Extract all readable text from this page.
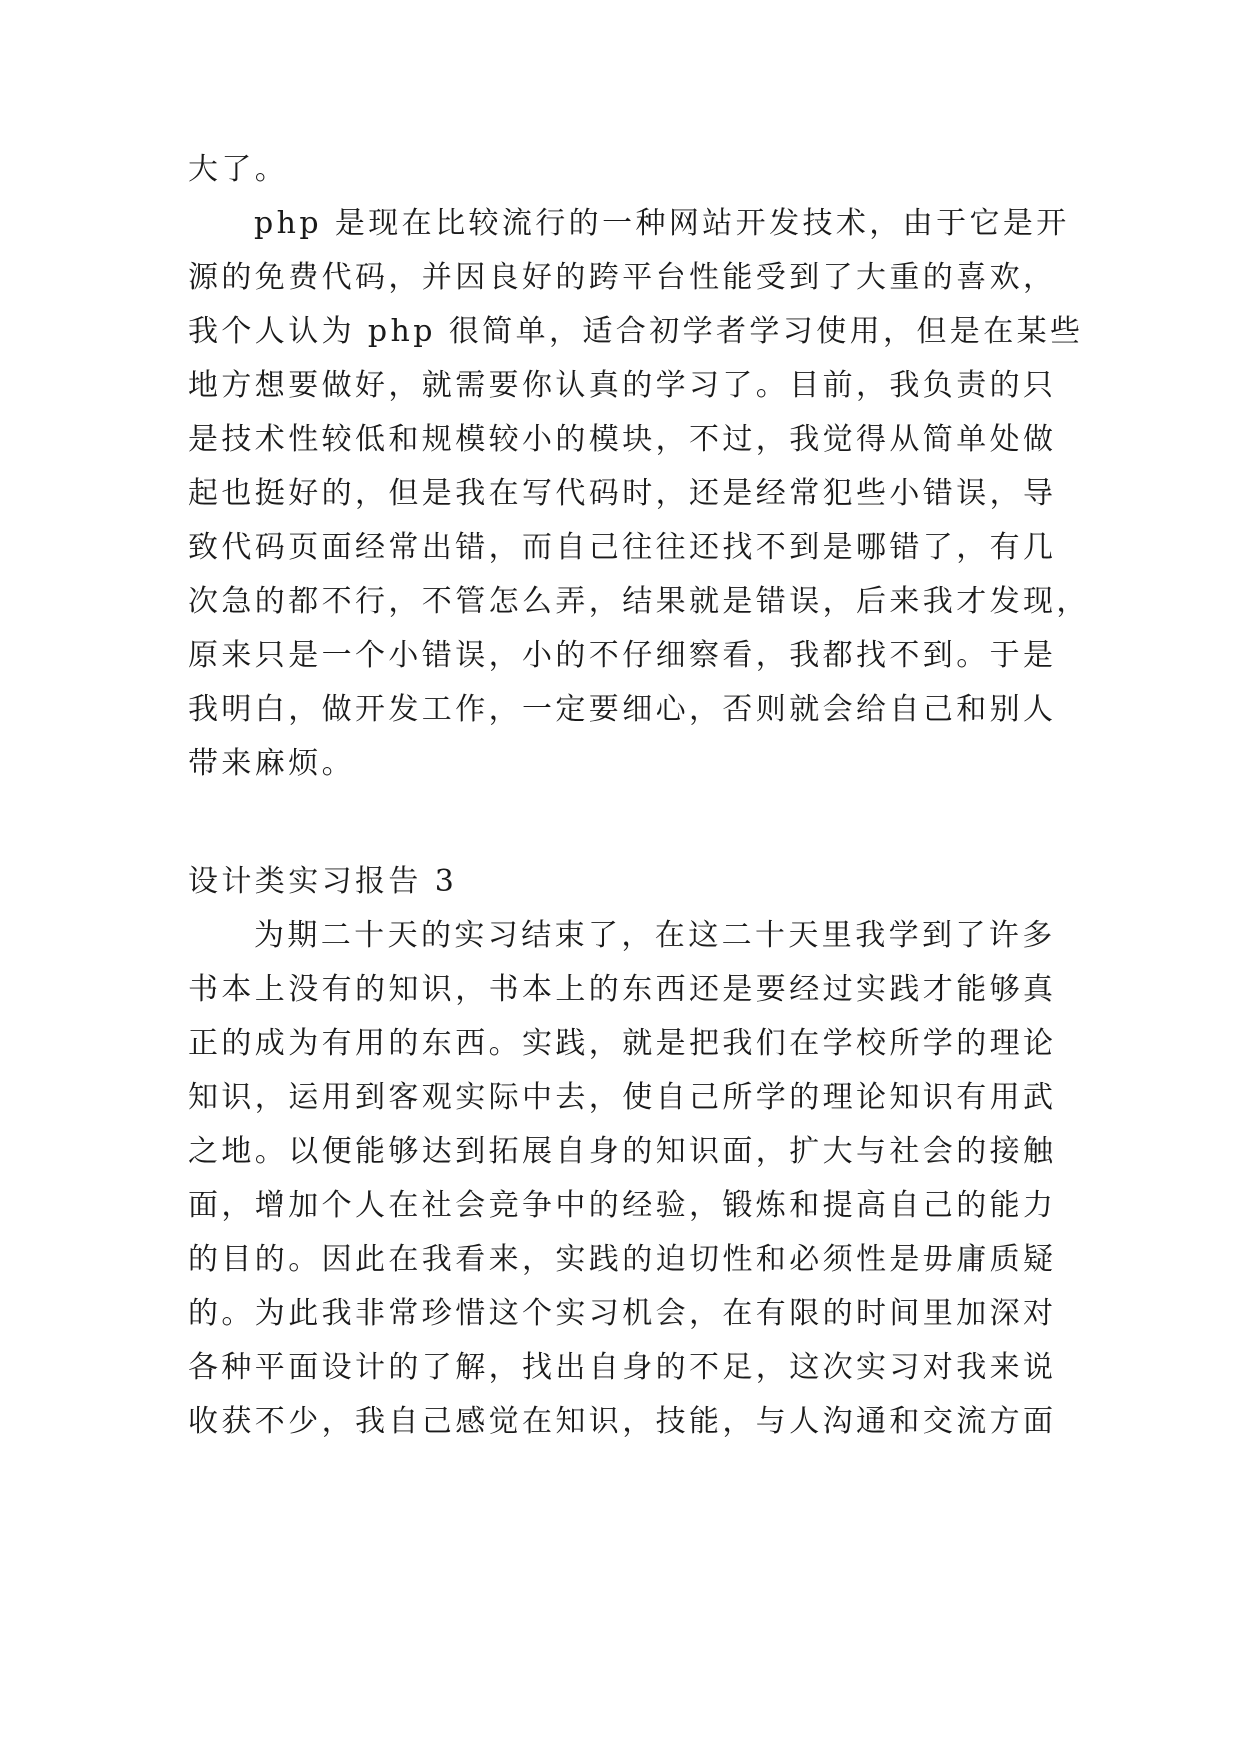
大了。
php 是现在比较流行的一种网站开发技术，由于它是开
源的免费代码，并因良好的跨平台性能受到了大重的喜欢，
我个人认为 php 很简单，适合初学者学习使用，但是在某些
地方想要做好，就需要你认真的学习了。目前，我负责的只
是技术性较低和规模较小的模块，不过，我觉得从简单处做
起也挺好的，但是我在写代码时，还是经常犯些小错误，导
致代码页面经常出错，而自己往往还找不到是哪错了，有几
次急的都不行，不管怎么弄，结果就是错误，后来我才发现，
原来只是一个小错误，小的不仔细察看，我都找不到。于是
我明白，做开发工作，一定要细心，否则就会给自己和别人
带来麻烦。
设计类实习报告 3
为期二十天的实习结束了，在这二十天里我学到了许多
书本上没有的知识，书本上的东西还是要经过实践才能够真
正的成为有用的东西。实践，就是把我们在学校所学的理论
知识，运用到客观实际中去，使自己所学的理论知识有用武
之地。以便能够达到拓展自身的知识面，扩大与社会的接触
面，增加个人在社会竞争中的经验，锻炼和提高自己的能力
的目的。因此在我看来，实践的迫切性和必须性是毋庸质疑
的。为此我非常珍惜这个实习机会，在有限的时间里加深对
各种平面设计的了解，找出自身的不足，这次实习对我来说
收获不少，我自己感觉在知识，技能，与人沟通和交流方面
